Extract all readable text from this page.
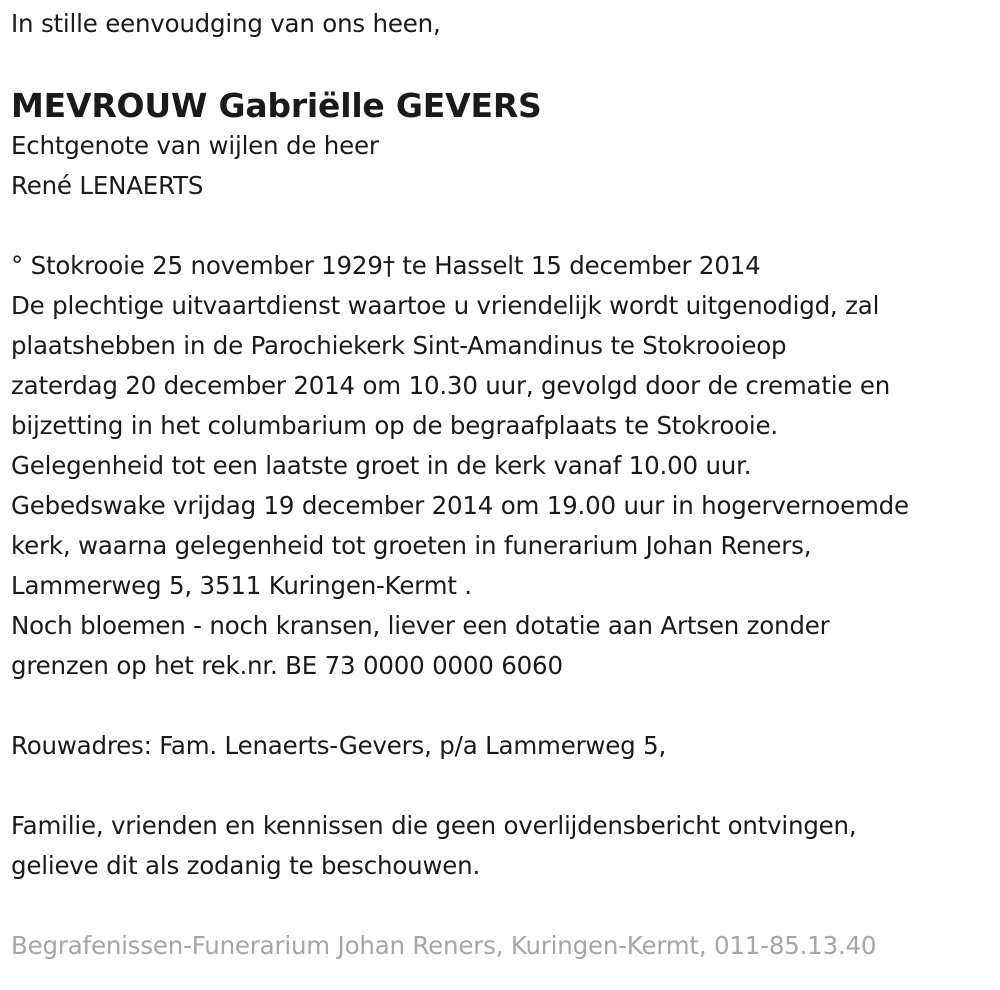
In stille eenvoudging van ons heen,
MEVROUW Gabriëlle GEVERS
Echtgenote van wijlen de heer
René LENAERTS
° Stokrooie 25 november 1929† te Hasselt 15 december 2014
De plechtige uitvaartdienst waartoe u vriendelijk wordt uitgenodigd, zal
plaatshebben in de Parochiekerk Sint-Amandinus te Stokrooieop
zaterdag 20 december 2014 om 10.30 uur, gevolgd door de crematie en
bijzetting in het columbarium op de begraafplaats te Stokrooie.
Gelegenheid tot een laatste groet in de kerk vanaf 10.00 uur.
Gebedswake vrijdag 19 december 2014 om 19.00 uur in hogervernoemde
kerk, waarna gelegenheid tot groeten in funerarium Johan Reners,
Lammerweg 5, 3511 Kuringen-Kermt .
Noch bloemen - noch kransen, liever een dotatie aan Artsen zonder
grenzen op het rek.nr. BE 73 0000 0000 6060
Rouwadres: Fam. Lenaerts-Gevers, p/a Lammerweg 5,
Familie, vrienden en kennissen die geen overlijdensbericht ontvingen,
gelieve dit als zodanig te beschouwen.
Begrafenissen-Funerarium Johan Reners, Kuringen-Kermt, 011-85.13.40
